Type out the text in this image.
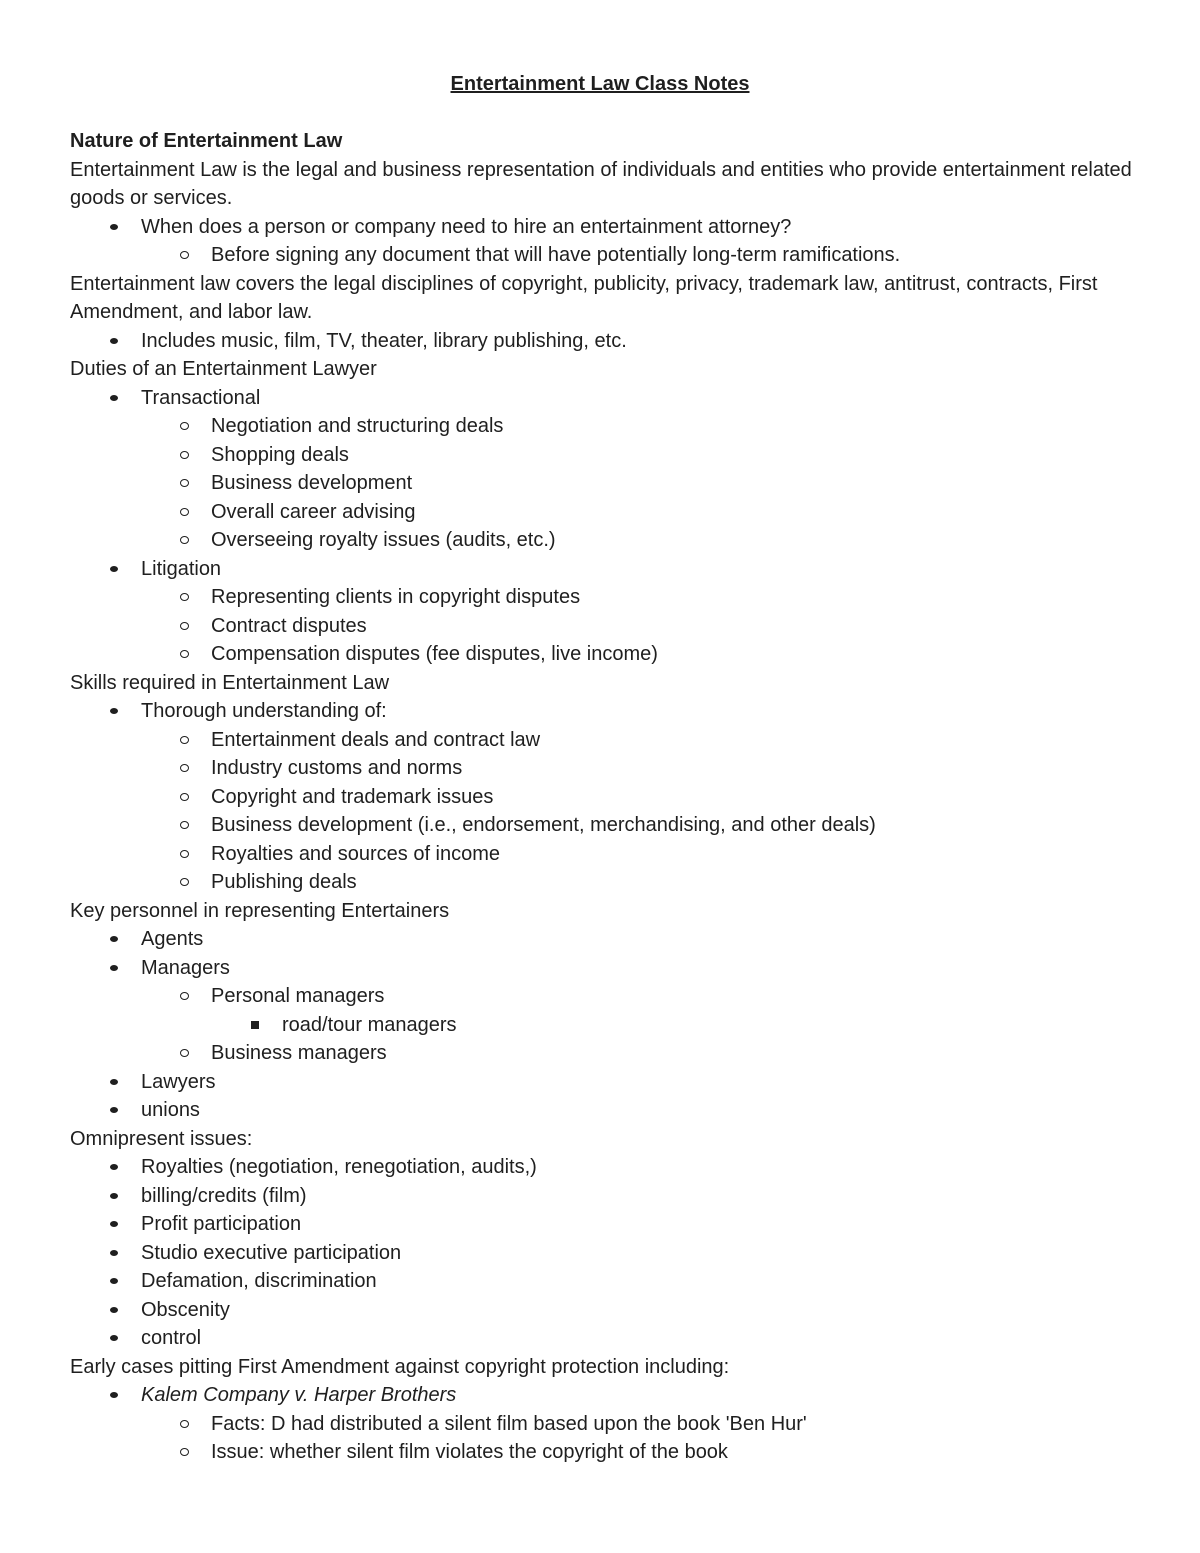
Entertainment Law Class Notes
Nature of Entertainment Law
Entertainment Law is the legal and business representation of individuals and entities who provide entertainment related goods or services.
When does a person or company need to hire an entertainment attorney?
Before signing any document that will have potentially long-term ramifications.
Entertainment law covers the legal disciplines of copyright, publicity, privacy, trademark law, antitrust, contracts, First Amendment, and labor law.
Includes music, film, TV, theater, library publishing, etc.
Duties of an Entertainment Lawyer
Transactional
Negotiation and structuring deals
Shopping deals
Business development
Overall career advising
Overseeing royalty issues (audits, etc.)
Litigation
Representing clients in copyright disputes
Contract disputes
Compensation disputes (fee disputes, live income)
Skills required in Entertainment Law
Thorough understanding of:
Entertainment deals and contract law
Industry customs and norms
Copyright and trademark issues
Business development (i.e., endorsement, merchandising, and other deals)
Royalties and sources of income
Publishing deals
Key personnel in representing Entertainers
Agents
Managers
Personal managers
road/tour managers
Business managers
Lawyers
unions
Omnipresent issues:
Royalties (negotiation, renegotiation, audits,)
billing/credits (film)
Profit participation
Studio executive participation
Defamation, discrimination
Obscenity
control
Early cases pitting First Amendment against copyright protection including:
Kalem Company v. Harper Brothers
Facts: D had distributed a silent film based upon the book 'Ben Hur'
Issue: whether silent film violates the copyright of the book
